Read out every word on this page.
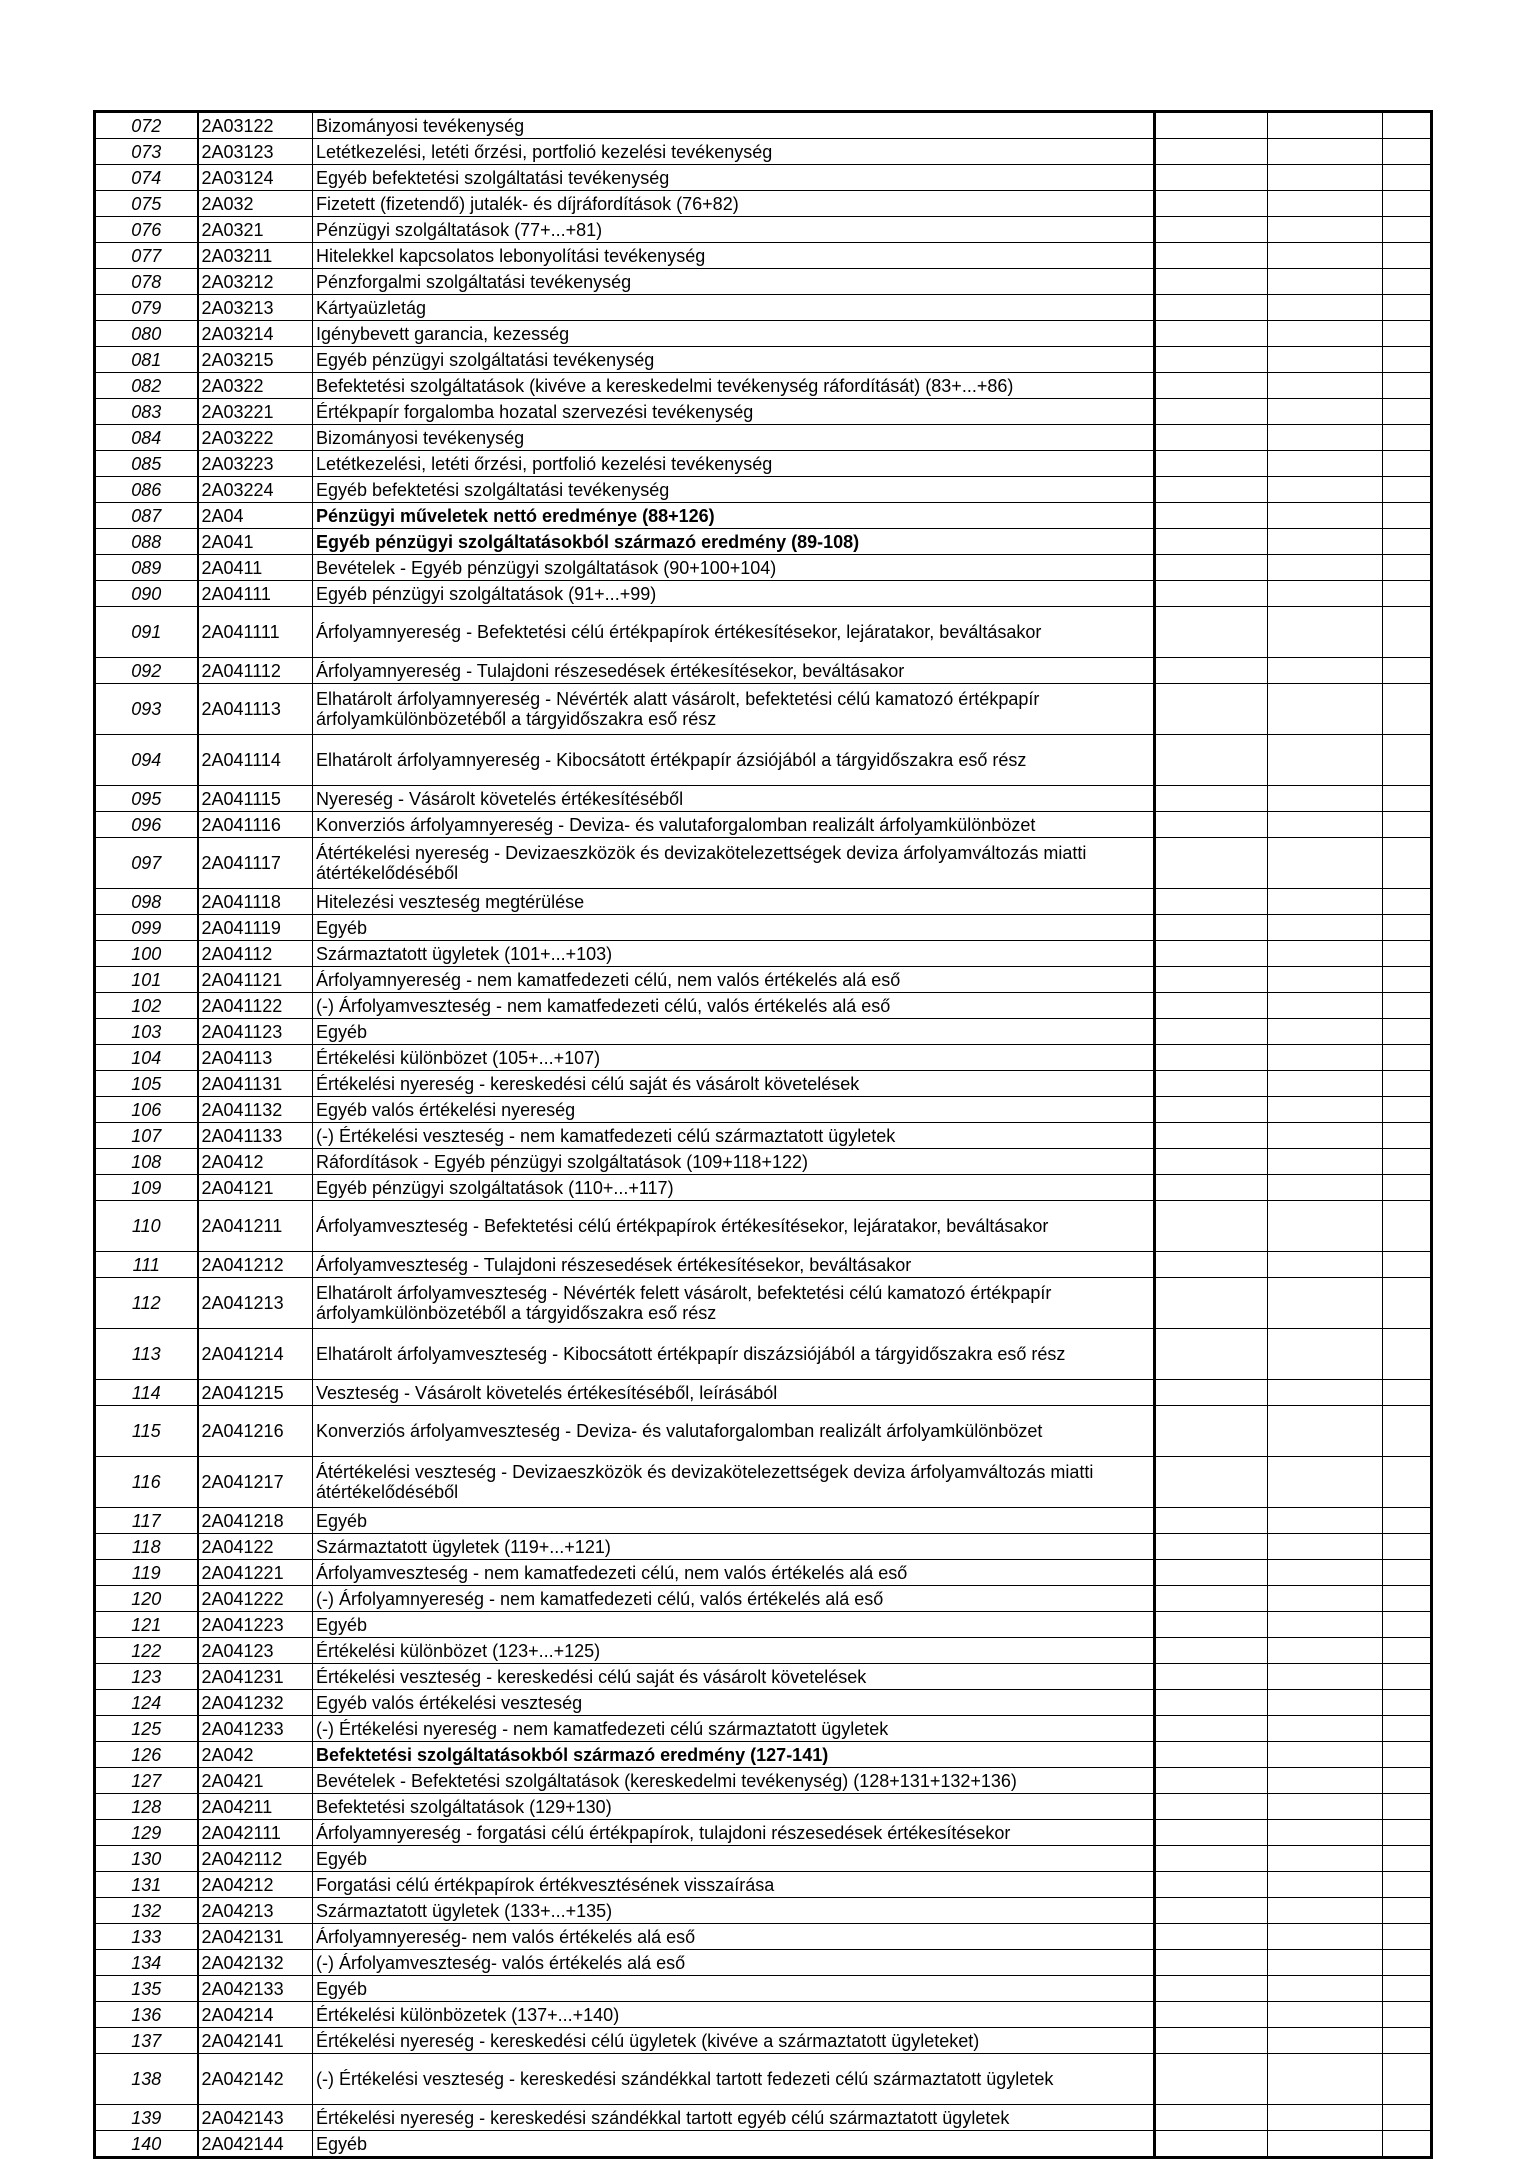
072	2A03122	Bizományosi tevékenység			
073	2A03123	Letétkezelési, letéti őrzési, portfolió kezelési tevékenység			
074	2A03124	Egyéb befektetési szolgáltatási tevékenység			
075	2A032	Fizetett (fizetendő) jutalék- és díjráfordítások (76+82)			
076	2A0321	Pénzügyi szolgáltatások (77+...+81)			
077	2A03211	Hitelekkel kapcsolatos lebonyolítási tevékenység			
078	2A03212	Pénzforgalmi szolgáltatási tevékenység			
079	2A03213	Kártyaüzletág			
080	2A03214	Igénybevett garancia, kezesség			
081	2A03215	Egyéb pénzügyi szolgáltatási tevékenység			
082	2A0322	Befektetési szolgáltatások (kivéve a kereskedelmi tevékenység ráfordítását) (83+...+86)			
083	2A03221	Értékpapír forgalomba hozatal szervezési tevékenység			
084	2A03222	Bizományosi tevékenység			
085	2A03223	Letétkezelési, letéti őrzési, portfolió kezelési tevékenység			
086	2A03224	Egyéb befektetési szolgáltatási tevékenység			
087	2A04	Pénzügyi műveletek nettó eredménye (88+126)			
088	2A041	Egyéb pénzügyi szolgáltatásokból származó eredmény (89-108)			
089	2A0411	Bevételek - Egyéb pénzügyi szolgáltatások (90+100+104)			
090	2A04111	Egyéb pénzügyi szolgáltatások (91+...+99)			
091	2A041111	Árfolyamnyereség - Befektetési célú értékpapírok értékesítésekor, lejáratakor, beváltásakor			
092	2A041112	Árfolyamnyereség - Tulajdoni részesedések értékesítésekor, beváltásakor			
093	2A041113	Elhatárolt árfolyamnyereség - Névérték alatt vásárolt, befektetési célú kamatozó értékpapír árfolyamkülönbözetéből a tárgyidőszakra eső rész			
094	2A041114	Elhatárolt árfolyamnyereség - Kibocsátott értékpapír ázsiójából a tárgyidőszakra eső rész			
095	2A041115	Nyereség - Vásárolt követelés értékesítéséből			
096	2A041116	Konverziós árfolyamnyereség - Deviza- és valutaforgalomban realizált árfolyamkülönbözet			
097	2A041117	Átértékelési nyereség - Devizaeszközök és devizakötelezettségek deviza árfolyamváltozás miatti átértékelődéséből			
098	2A041118	Hitelezési veszteség megtérülése			
099	2A041119	Egyéb			
100	2A04112	Származtatott ügyletek (101+...+103)			
101	2A041121	Árfolyamnyereség - nem kamatfedezeti célú, nem valós értékelés alá eső			
102	2A041122	(-) Árfolyamveszteség - nem kamatfedezeti célú, valós értékelés alá eső			
103	2A041123	Egyéb			
104	2A04113	Értékelési különbözet (105+...+107)			
105	2A041131	Értékelési nyereség - kereskedési célú saját és vásárolt követelések			
106	2A041132	Egyéb valós értékelési nyereség			
107	2A041133	(-) Értékelési veszteség - nem kamatfedezeti célú származtatott ügyletek			
108	2A0412	Ráfordítások - Egyéb pénzügyi szolgáltatások (109+118+122)			
109	2A04121	Egyéb pénzügyi szolgáltatások (110+...+117)			
110	2A041211	Árfolyamveszteség - Befektetési célú értékpapírok értékesítésekor, lejáratakor, beváltásakor			
111	2A041212	Árfolyamveszteség - Tulajdoni részesedések értékesítésekor, beváltásakor			
112	2A041213	Elhatárolt árfolyamveszteség - Névérték felett vásárolt, befektetési célú kamatozó értékpapír árfolyamkülönbözetéből a tárgyidőszakra eső rész			
113	2A041214	Elhatárolt árfolyamveszteség - Kibocsátott értékpapír diszázsiójából a tárgyidőszakra eső rész			
114	2A041215	Veszteség - Vásárolt követelés értékesítéséből, leírásából			
115	2A041216	Konverziós árfolyamveszteség - Deviza- és valutaforgalomban realizált árfolyamkülönbözet			
116	2A041217	Átértékelési veszteség - Devizaeszközök és devizakötelezettségek deviza árfolyamváltozás miatti átértékelődéséből			
117	2A041218	Egyéb			
118	2A04122	Származtatott ügyletek (119+...+121)			
119	2A041221	Árfolyamveszteség - nem kamatfedezeti célú, nem valós értékelés alá eső			
120	2A041222	(-) Árfolyamnyereség - nem kamatfedezeti célú, valós értékelés alá eső			
121	2A041223	Egyéb			
122	2A04123	Értékelési különbözet (123+...+125)			
123	2A041231	Értékelési veszteség - kereskedési célú saját és vásárolt követelések			
124	2A041232	Egyéb valós értékelési veszteség			
125	2A041233	(-) Értékelési nyereség - nem kamatfedezeti célú származtatott ügyletek			
126	2A042	Befektetési szolgáltatásokból származó eredmény (127-141)			
127	2A0421	Bevételek - Befektetési szolgáltatások (kereskedelmi tevékenység) (128+131+132+136)			
128	2A04211	Befektetési szolgáltatások (129+130)			
129	2A042111	Árfolyamnyereség - forgatási célú értékpapírok, tulajdoni részesedések értékesítésekor			
130	2A042112	Egyéb			
131	2A04212	Forgatási célú értékpapírok értékvesztésének visszaírása			
132	2A04213	Származtatott ügyletek (133+...+135)			
133	2A042131	Árfolyamnyereség- nem valós értékelés alá eső			
134	2A042132	(-) Árfolyamveszteség- valós értékelés alá eső			
135	2A042133	Egyéb			
136	2A04214	Értékelési különbözetek (137+...+140)			
137	2A042141	Értékelési nyereség - kereskedési célú ügyletek (kivéve a származtatott ügyleteket)			
138	2A042142	(-) Értékelési veszteség - kereskedési szándékkal tartott fedezeti célú származtatott ügyletek			
139	2A042143	Értékelési nyereség - kereskedési szándékkal tartott egyéb célú származtatott ügyletek			
140	2A042144	Egyéb			
